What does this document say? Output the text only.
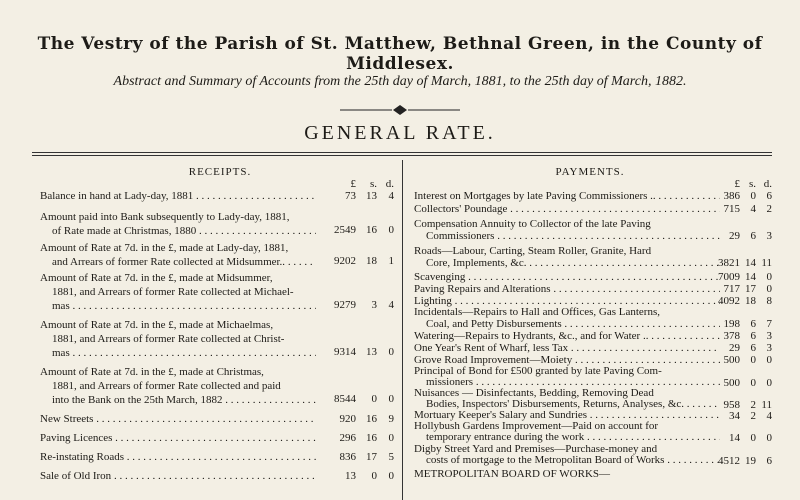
The Vestry of the Parish of St. Matthew, Bethnal Green, in the County of Middlesex.
Abstract and Summary of Accounts from the 25th day of March, 1881, to the 25th day of March, 1882.
GENERAL RATE.
RECEIPTS.	PAYMENTS.
£	s. d.
Balance in hand at Lady-day, 1881 . . .	73 13	4
Amount paid into Bank subsequently to Lady-day, 1881,
of Rate made at Christmas, 1880 . . .	2549 16	0
Amount of Rate at 7d. in the £, made at Lady-day, 1881,
and Arrears of former Rate collected at Midsummer.. . . .	9202 18	1
Amount of Rate at 7d. in the £, made at Midsummer,
1881, and Arrears of former Rate collected at Michael-
mas . . .	9279	3	4
Amount of Rate at 7d. in the £, made at Michaelmas,
1881, and Arrears of former Rate collected at Christ-
mas . . .	9314 13	0
Amount of Rate at 7d. in the £, made at Christmas,
1881, and Arrears of former Rate collected and paid
into the Bank on the 25th March, 1882 . . .	8544	0	0
New Streets . . .	920 16	9
Paving Licences . . .	296 16	0
Re-instating Roads . . .	836 17	5
Sale of Old Iron . . .	13	0	0
£ s. d.
Interest on Mortgages by late Paving Commissioners .. . . .	386 0 6
Collectors' Poundage . . .	715 4 2
Compensation Annuity to Collector of the late Paving
Commissioners . . .	29 6 3
Roads—Labour, Carting, Steam Roller, Granite, Hard
Core, Implements, &c. . . .	3821 14 11
Scavenging . . .	7009 14 0
Paving Repairs and Alterations . . .	717 17 0
Lighting . . .	4092 18 8
Incidentals—Repairs to Hall and Offices, Gas Lanterns,
Coal, and Petty Disbursements . . .	198 6 7
Watering—Repairs to Hydrants, &c., and for Water .. . . .	378 6 3
One Year's Rent of Wharf, less Tax . . .	29 6 3
Grove Road Improvement—Moiety . . .	500 0 0
Principal of Bond for £500 granted by late Paving Com-
missioners . . .	500 0 0
Nuisances — Disinfectants, Bedding, Removing Dead
Bodies, Inspectors' Disbursements, Returns, Analyses, &c. . . .	958 2 11
Mortuary Keeper's Salary and Sundries . . .	34 2 4
Hollybush Gardens Improvement—Paid on account for
temporary entrance during the work . . .	14 0 0
Digby Street Yard and Premises—Purchase-money and
costs of mortgage to the Metropolitan Board of Works . . .	4512 19 6
METROPOLITAN BOARD OF WORKS—
